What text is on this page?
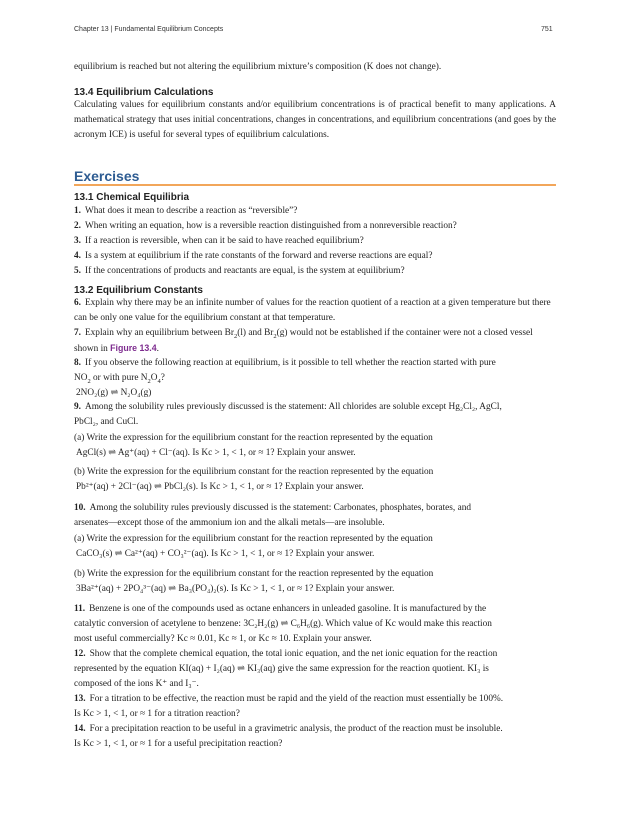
Chapter 13 | Fundamental Equilibrium Concepts	751
equilibrium is reached but not altering the equilibrium mixture’s composition (K does not change).
13.4 Equilibrium Calculations
Calculating values for equilibrium constants and/or equilibrium concentrations is of practical benefit to many applications. A mathematical strategy that uses initial concentrations, changes in concentrations, and equilibrium concentrations (and goes by the acronym ICE) is useful for several types of equilibrium calculations.
Exercises
13.1 Chemical Equilibria
1. What does it mean to describe a reaction as “reversible”?
2. When writing an equation, how is a reversible reaction distinguished from a nonreversible reaction?
3. If a reaction is reversible, when can it be said to have reached equilibrium?
4. Is a system at equilibrium if the rate constants of the forward and reverse reactions are equal?
5. If the concentrations of products and reactants are equal, is the system at equilibrium?
13.2 Equilibrium Constants
6. Explain why there may be an infinite number of values for the reaction quotient of a reaction at a given temperature but there can be only one value for the equilibrium constant at that temperature.
7. Explain why an equilibrium between $Br_2(l)$ and $Br_2(g)$ would not be established if the container were not a closed vessel shown in Figure 13.4.
8. If you observe the following reaction at equilibrium, is it possible to tell whether the reaction started with pure
$NO_2$ or with pure $N_2O_4$?
2NO₂(g) ⇌ N₂O₄(g)
9. Among the solubility rules previously discussed is the statement: All chlorides are soluble except Hg₂Cl₂, AgCl,
PbCl₂, and CuCl.
(a) Write the expression for the equilibrium constant for the reaction represented by the equation
AgCl(s) ⇌ Ag⁺(aq) + Cl⁻(aq). Is Kc > 1, < 1, or ≈ 1? Explain your answer.
(b) Write the expression for the equilibrium constant for the reaction represented by the equation
Pb²⁺(aq) + 2Cl⁻(aq) ⇌ PbCl₂(s). Is Kc > 1, < 1, or ≈ 1? Explain your answer.
10. Among the solubility rules previously discussed is the statement: Carbonates, phosphates, borates, and
arsenates—except those of the ammonium ion and the alkali metals—are insoluble.
(a) Write the expression for the equilibrium constant for the reaction represented by the equation
CaCO₃(s) ⇌ Ca²⁺(aq) + CO₃²⁻(aq). Is Kc > 1, < 1, or ≈ 1? Explain your answer.
(b) Write the expression for the equilibrium constant for the reaction represented by the equation
3Ba²⁺(aq) + 2PO₄³⁻(aq) ⇌ Ba₃(PO₄)₂(s). Is Kc > 1, < 1, or ≈ 1? Explain your answer.
11. Benzene is one of the compounds used as octane enhancers in unleaded gasoline. It is manufactured by the
catalytic conversion of acetylene to benzene: 3C₂H₂(g) ⇌ C₆H₆(g). Which value of Kc would make this reaction
most useful commercially? Kc ≈ 0.01, Kc ≈ 1, or Kc ≈ 10. Explain your answer.
12. Show that the complete chemical equation, the total ionic equation, and the net ionic equation for the reaction
represented by the equation KI(aq) + I₂(aq) ⇌ KI₃(aq) give the same expression for the reaction quotient. KI₃ is
composed of the ions K⁺ and I₃⁻.
13. For a titration to be effective, the reaction must be rapid and the yield of the reaction must essentially be 100%.
Is Kc > 1, < 1, or ≈ 1 for a titration reaction?
14. For a precipitation reaction to be useful in a gravimetric analysis, the product of the reaction must be insoluble.
Is Kc > 1, < 1, or ≈ 1 for a useful precipitation reaction?
